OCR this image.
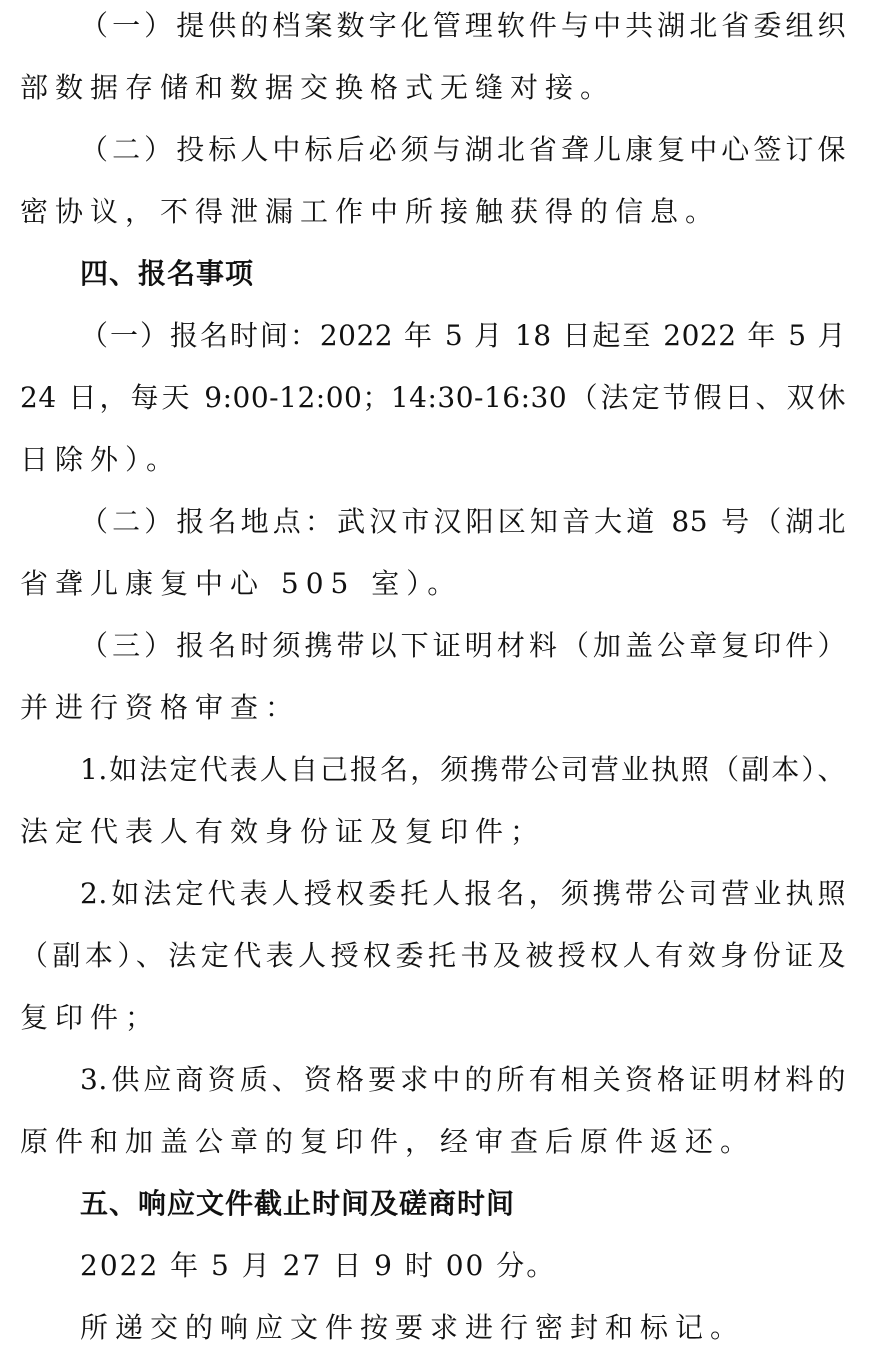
（一）提供的档案数字化管理软件与中共湖北省委组织
部数据存储和数据交换格式无缝对接。
（二）投标人中标后必须与湖北省聋儿康复中心签订保
密协议，不得泄漏工作中所接触获得的信息。
四、报名事项
（一）报名时间：2022 年 5 月 18 日起至 2022 年 5 月
24 日，每天 9:00-12:00；14:30-16:30（法定节假日、双休
日除外）。
（二）报名地点：武汉市汉阳区知音大道 85 号（湖北
省聋儿康复中心 505 室）。
（三）报名时须携带以下证明材料（加盖公章复印件）
并进行资格审查：
1.如法定代表人自己报名，须携带公司营业执照（副本）、
法定代表人有效身份证及复印件；
2.如法定代表人授权委托人报名，须携带公司营业执照
（副本）、法定代表人授权委托书及被授权人有效身份证及
复印件；
3.供应商资质、资格要求中的所有相关资格证明材料的
原件和加盖公章的复印件，经审查后原件返还。
五、响应文件截止时间及磋商时间
2022 年 5 月 27 日 9 时 00 分。
所递交的响应文件按要求进行密封和标记。
